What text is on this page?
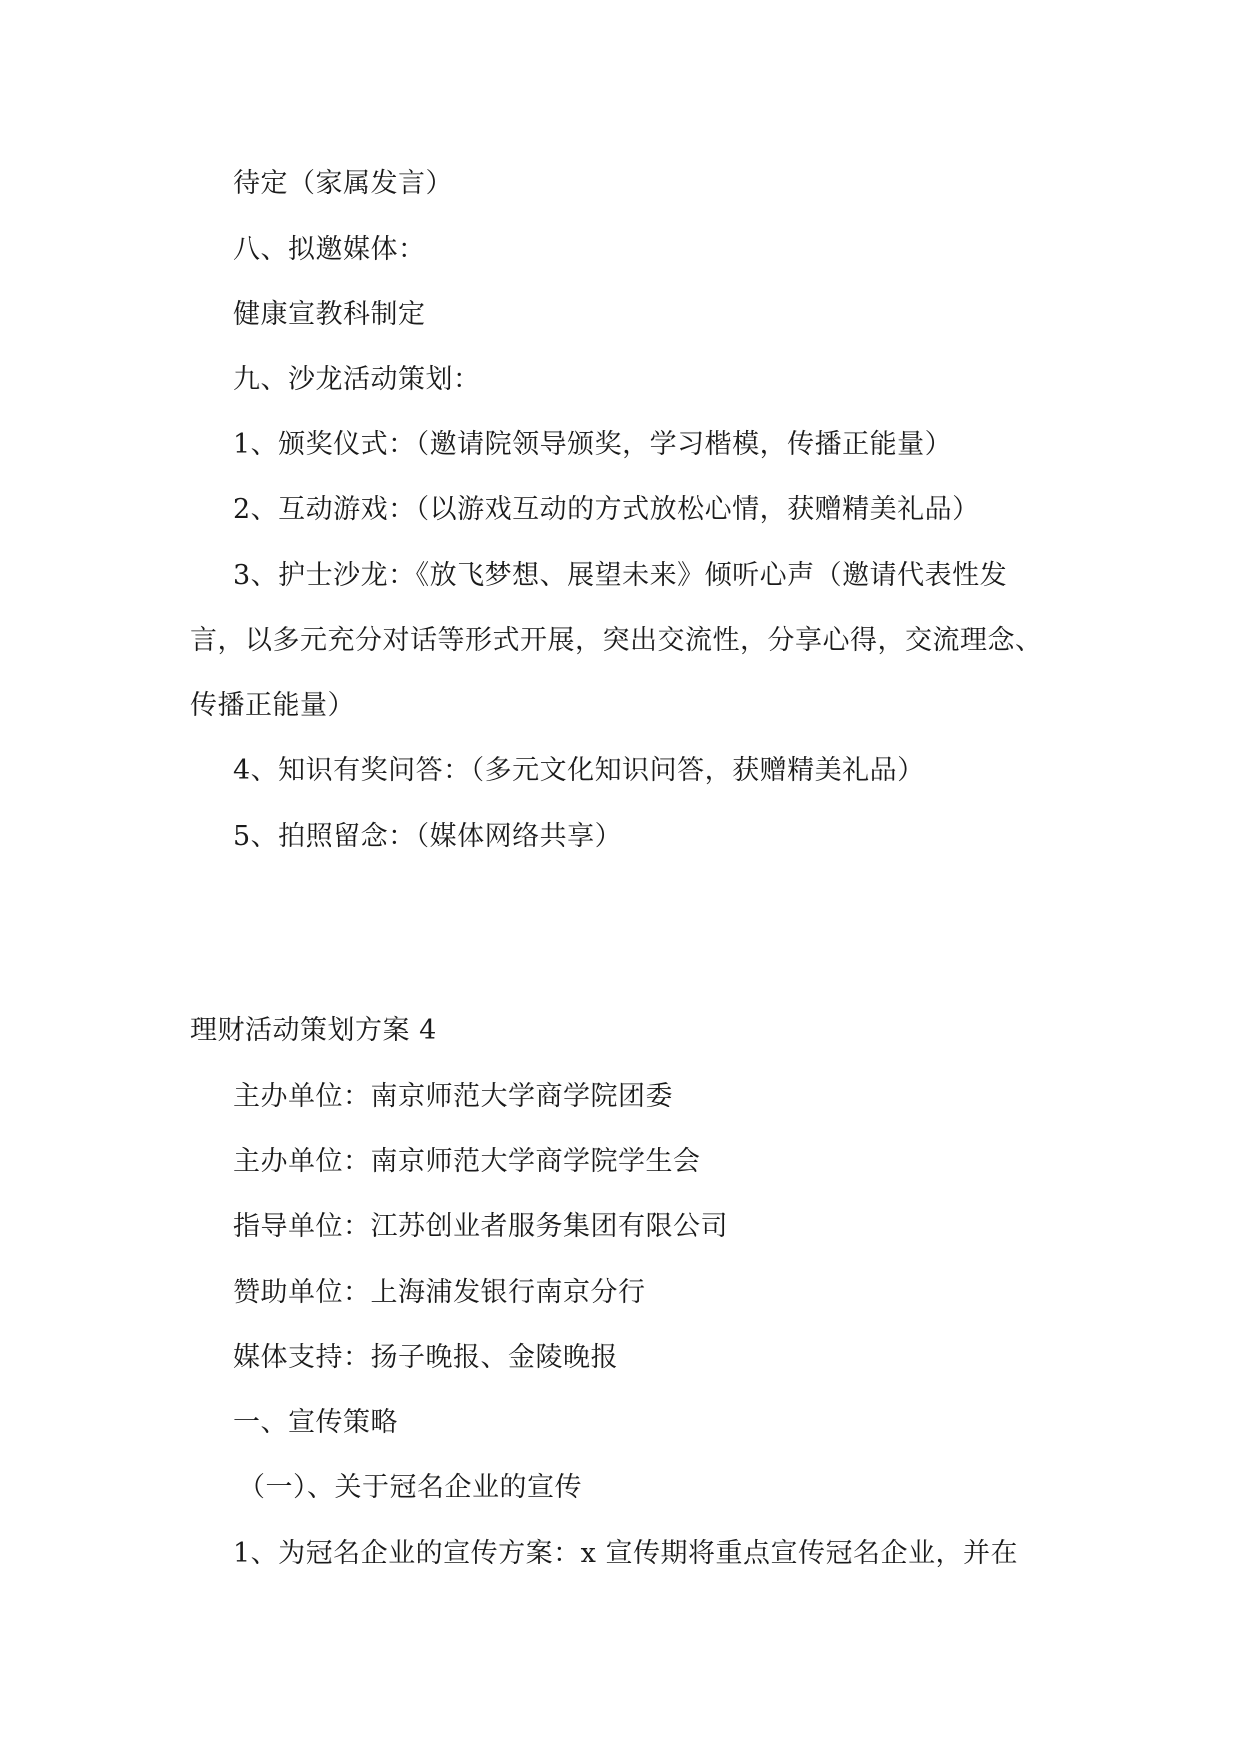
待定（家属发言）
八、拟邀媒体：
健康宣教科制定
九、沙龙活动策划：
1、颁奖仪式：（邀请院领导颁奖，学习楷模，传播正能量）
2、互动游戏：（以游戏互动的方式放松心情，获赠精美礼品）
3、护士沙龙：《放飞梦想、展望未来》倾听心声（邀请代表性发
言，以多元充分对话等形式开展，突出交流性，分享心得，交流理念、
传播正能量）
4、知识有奖问答：（多元文化知识问答，获赠精美礼品）
5、拍照留念：（媒体网络共享）
理财活动策划方案 4
主办单位：南京师范大学商学院团委
主办单位：南京师范大学商学院学生会
指导单位：江苏创业者服务集团有限公司
赞助单位：上海浦发银行南京分行
媒体支持：扬子晚报、金陵晚报
一、宣传策略
（一）、关于冠名企业的宣传
1、为冠名企业的宣传方案：x 宣传期将重点宣传冠名企业，并在
